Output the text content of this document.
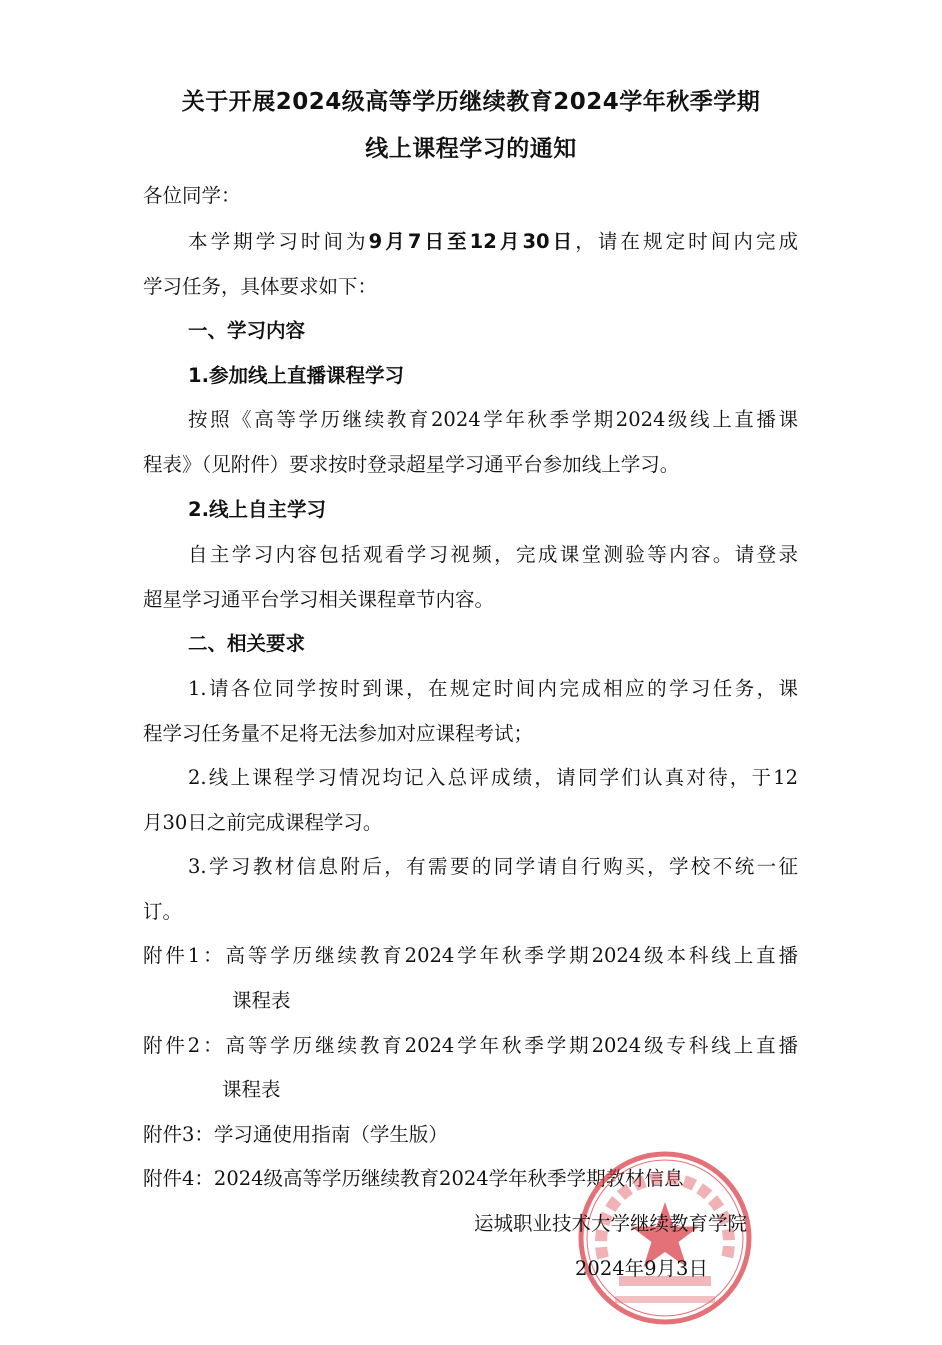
关于开展2024级高等学历继续教育2024学年秋季学期
线上课程学习的通知
各位同学：
本学期学习时间为9月7日至12月30日，请在规定时间内完成
学习任务，具体要求如下：
一、学习内容
1.参加线上直播课程学习
按照《高等学历继续教育2024学年秋季学期2024级线上直播课
程表》（见附件）要求按时登录超星学习通平台参加线上学习。
2.线上自主学习
自主学习内容包括观看学习视频，完成课堂测验等内容。请登录
超星学习通平台学习相关课程章节内容。
二、相关要求
1.请各位同学按时到课，在规定时间内完成相应的学习任务，课
程学习任务量不足将无法参加对应课程考试；
2.线上课程学习情况均记入总评成绩，请同学们认真对待，于12
月30日之前完成课程学习。
3.学习教材信息附后，有需要的同学请自行购买，学校不统一征
订。
附件1：高等学历继续教育2024学年秋季学期2024级本科线上直播
课程表
附件2：高等学历继续教育2024学年秋季学期2024级专科线上直播
课程表
附件3：学习通使用指南（学生版）
附件4：2024级高等学历继续教育2024学年秋季学期教材信息
运城职业技术大学继续教育学院
2024年9月3日
